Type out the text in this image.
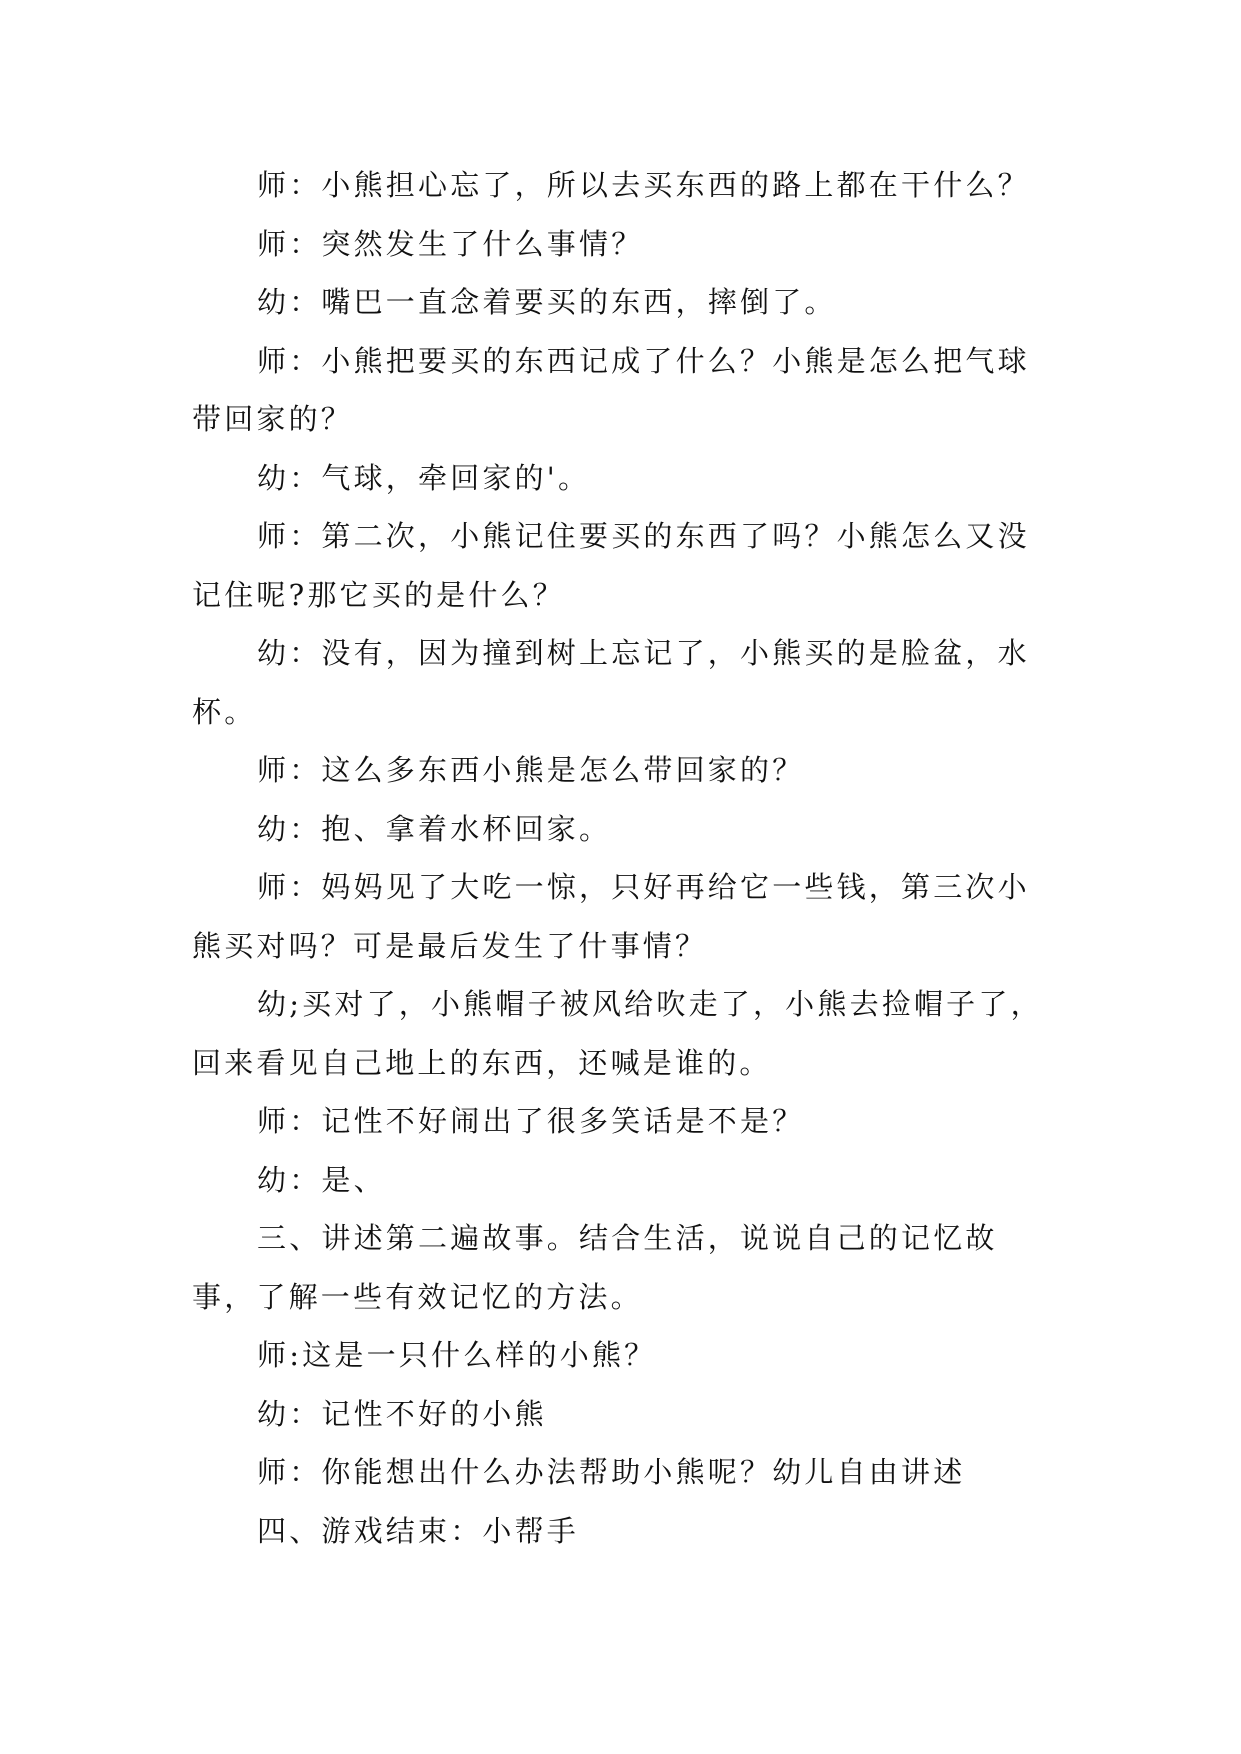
师：小熊担心忘了，所以去买东西的路上都在干什么？

师：突然发生了什么事情？

幼：嘴巴一直念着要买的东西，摔倒了。

师：小熊把要买的东西记成了什么？小熊是怎么把气球带回家的？

幼：气球，牵回家的'。

师：第二次，小熊记住要买的东西了吗？小熊怎么又没记住呢?那它买的是什么？

幼：没有，因为撞到树上忘记了，小熊买的是脸盆，水杯。

师：这么多东西小熊是怎么带回家的？

幼：抱、拿着水杯回家。

师：妈妈见了大吃一惊，只好再给它一些钱，第三次小熊买对吗？可是最后发生了什事情？

幼;买对了，小熊帽子被风给吹走了，小熊去捡帽子了，回来看见自己地上的东西，还喊是谁的。

师：记性不好闹出了很多笑话是不是？

幼：是、

三、讲述第二遍故事。结合生活，说说自己的记忆故事，了解一些有效记忆的方法。

师:这是一只什么样的小熊？

幼：记性不好的小熊

师：你能想出什么办法帮助小熊呢？幼儿自由讲述

四、游戏结束：小帮手
